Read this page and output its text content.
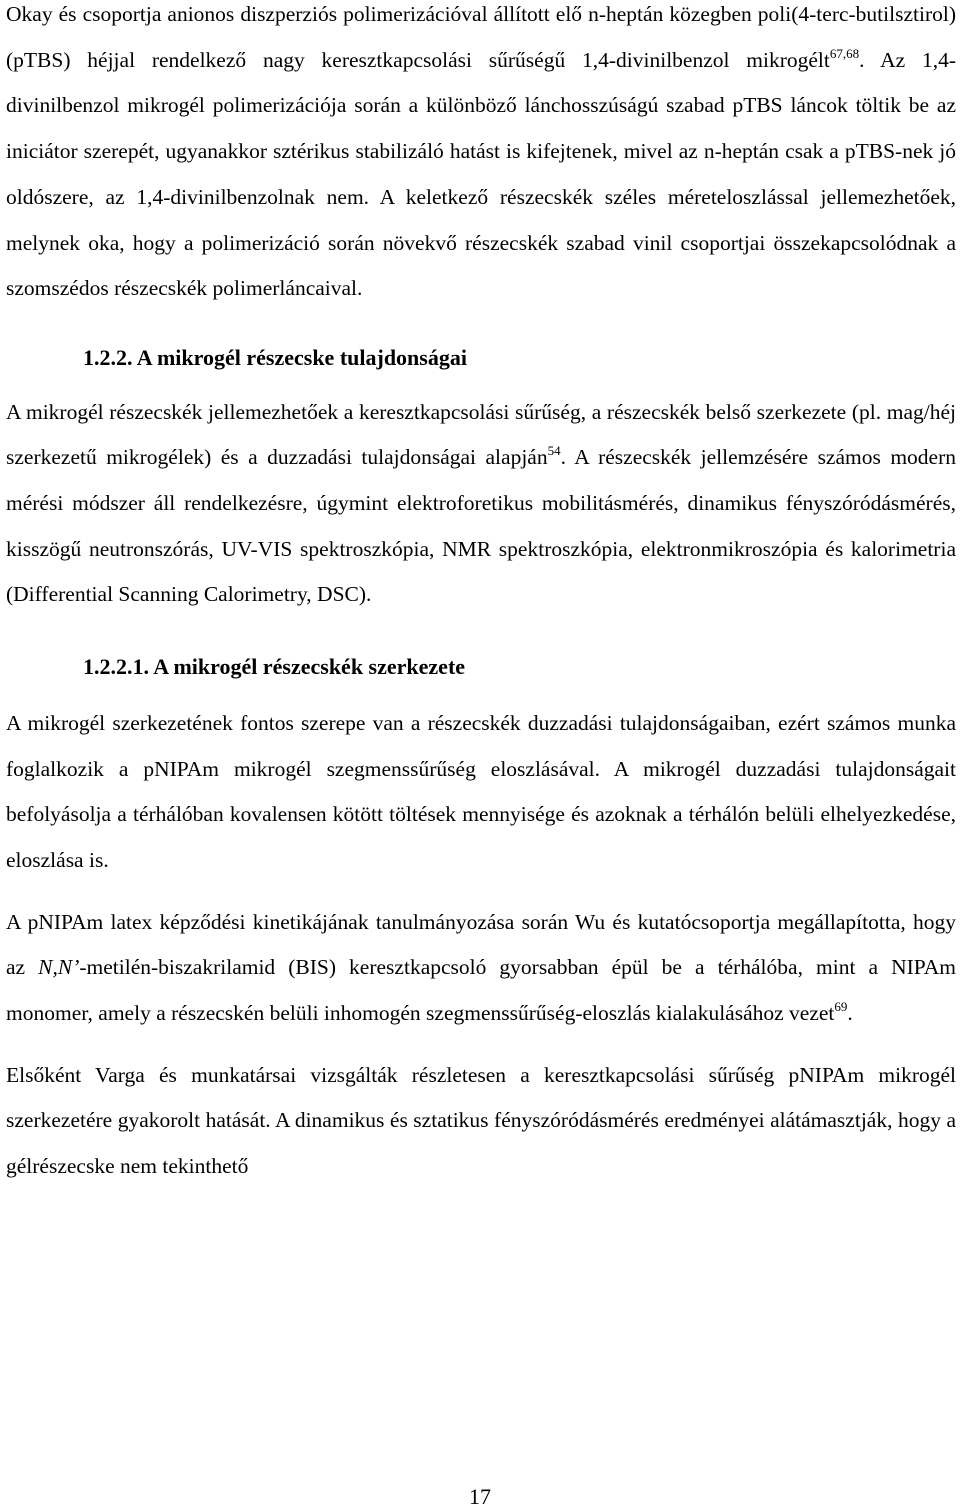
Okay és csoportja anionos diszperziós polimerizációval állított elő n-heptán közegben poli(4-terc-butilsztirol) (pTBS) héjjal rendelkező nagy keresztkapcsolási sűrűségű 1,4-divinilbenzol mikrogélt$^{67,68}$. Az 1,4-divinilbenzol mikrogél polimerizációja során a különböző lánchosszúságú szabad pTBS láncok töltik be az iniciátor szerepét, ugyanakkor sztérikus stabilizáló hatást is kifejtenek, mivel az n-heptán csak a pTBS-nek jó oldószere, az 1,4-divinilbenzolnak nem. A keletkező részecskék széles méreteloszlással jellemezhetőek, melynek oka, hogy a polimerizáció során növekvő részecskék szabad vinil csoportjai összekapcsolódnak a szomszédos részecskék polimerláncaival.

1.2.2. A mikrogél részecske tulajdonságai

A mikrogél részecskék jellemezhetőek a keresztkapcsolási sűrűség, a részecskék belső szerkezete (pl. mag/héj szerkezetű mikrogélek) és a duzzadási tulajdonságai alapján$^{54}$. A részecskék jellemzésére számos modern mérési módszer áll rendelkezésre, úgymint elektroforetikus mobilitásmérés, dinamikus fényszóródásmérés, kisszögű neutronszórás, UV-VIS spektroszkópia, NMR spektroszkópia, elektronmikroszópia és kalorimetria (Differential Scanning Calorimetry, DSC).

1.2.2.1. A mikrogél részecskék szerkezete

A mikrogél szerkezetének fontos szerepe van a részecskék duzzadási tulajdonságaiban, ezért számos munka foglalkozik a pNIPAm mikrogél szegmenssűrűség eloszlásával. A mikrogél duzzadási tulajdonságait befolyásolja a térhálóban kovalensen kötött töltések mennyisége és azoknak a térhálón belüli elhelyezkedése, eloszlása is.

A pNIPAm latex képződési kinetikájának tanulmányozása során Wu és kutatócsoportja megállapította, hogy az N,N’-metilén-biszakrilamid (BIS) keresztkapcsoló gyorsabban épül be a térhálóba, mint a NIPAm monomer, amely a részecskén belüli inhomogén szegmenssűrűség-eloszlás kialakulásához vezet$^{69}$.

Elsőként Varga és munkatársai vizsgálták részletesen a keresztkapcsolási sűrűség pNIPAm mikrogél szerkezetére gyakorolt hatását. A dinamikus és sztatikus fényszóródásmérés eredményei alátámasztják, hogy a gélrészecske nem tekinthető

17
